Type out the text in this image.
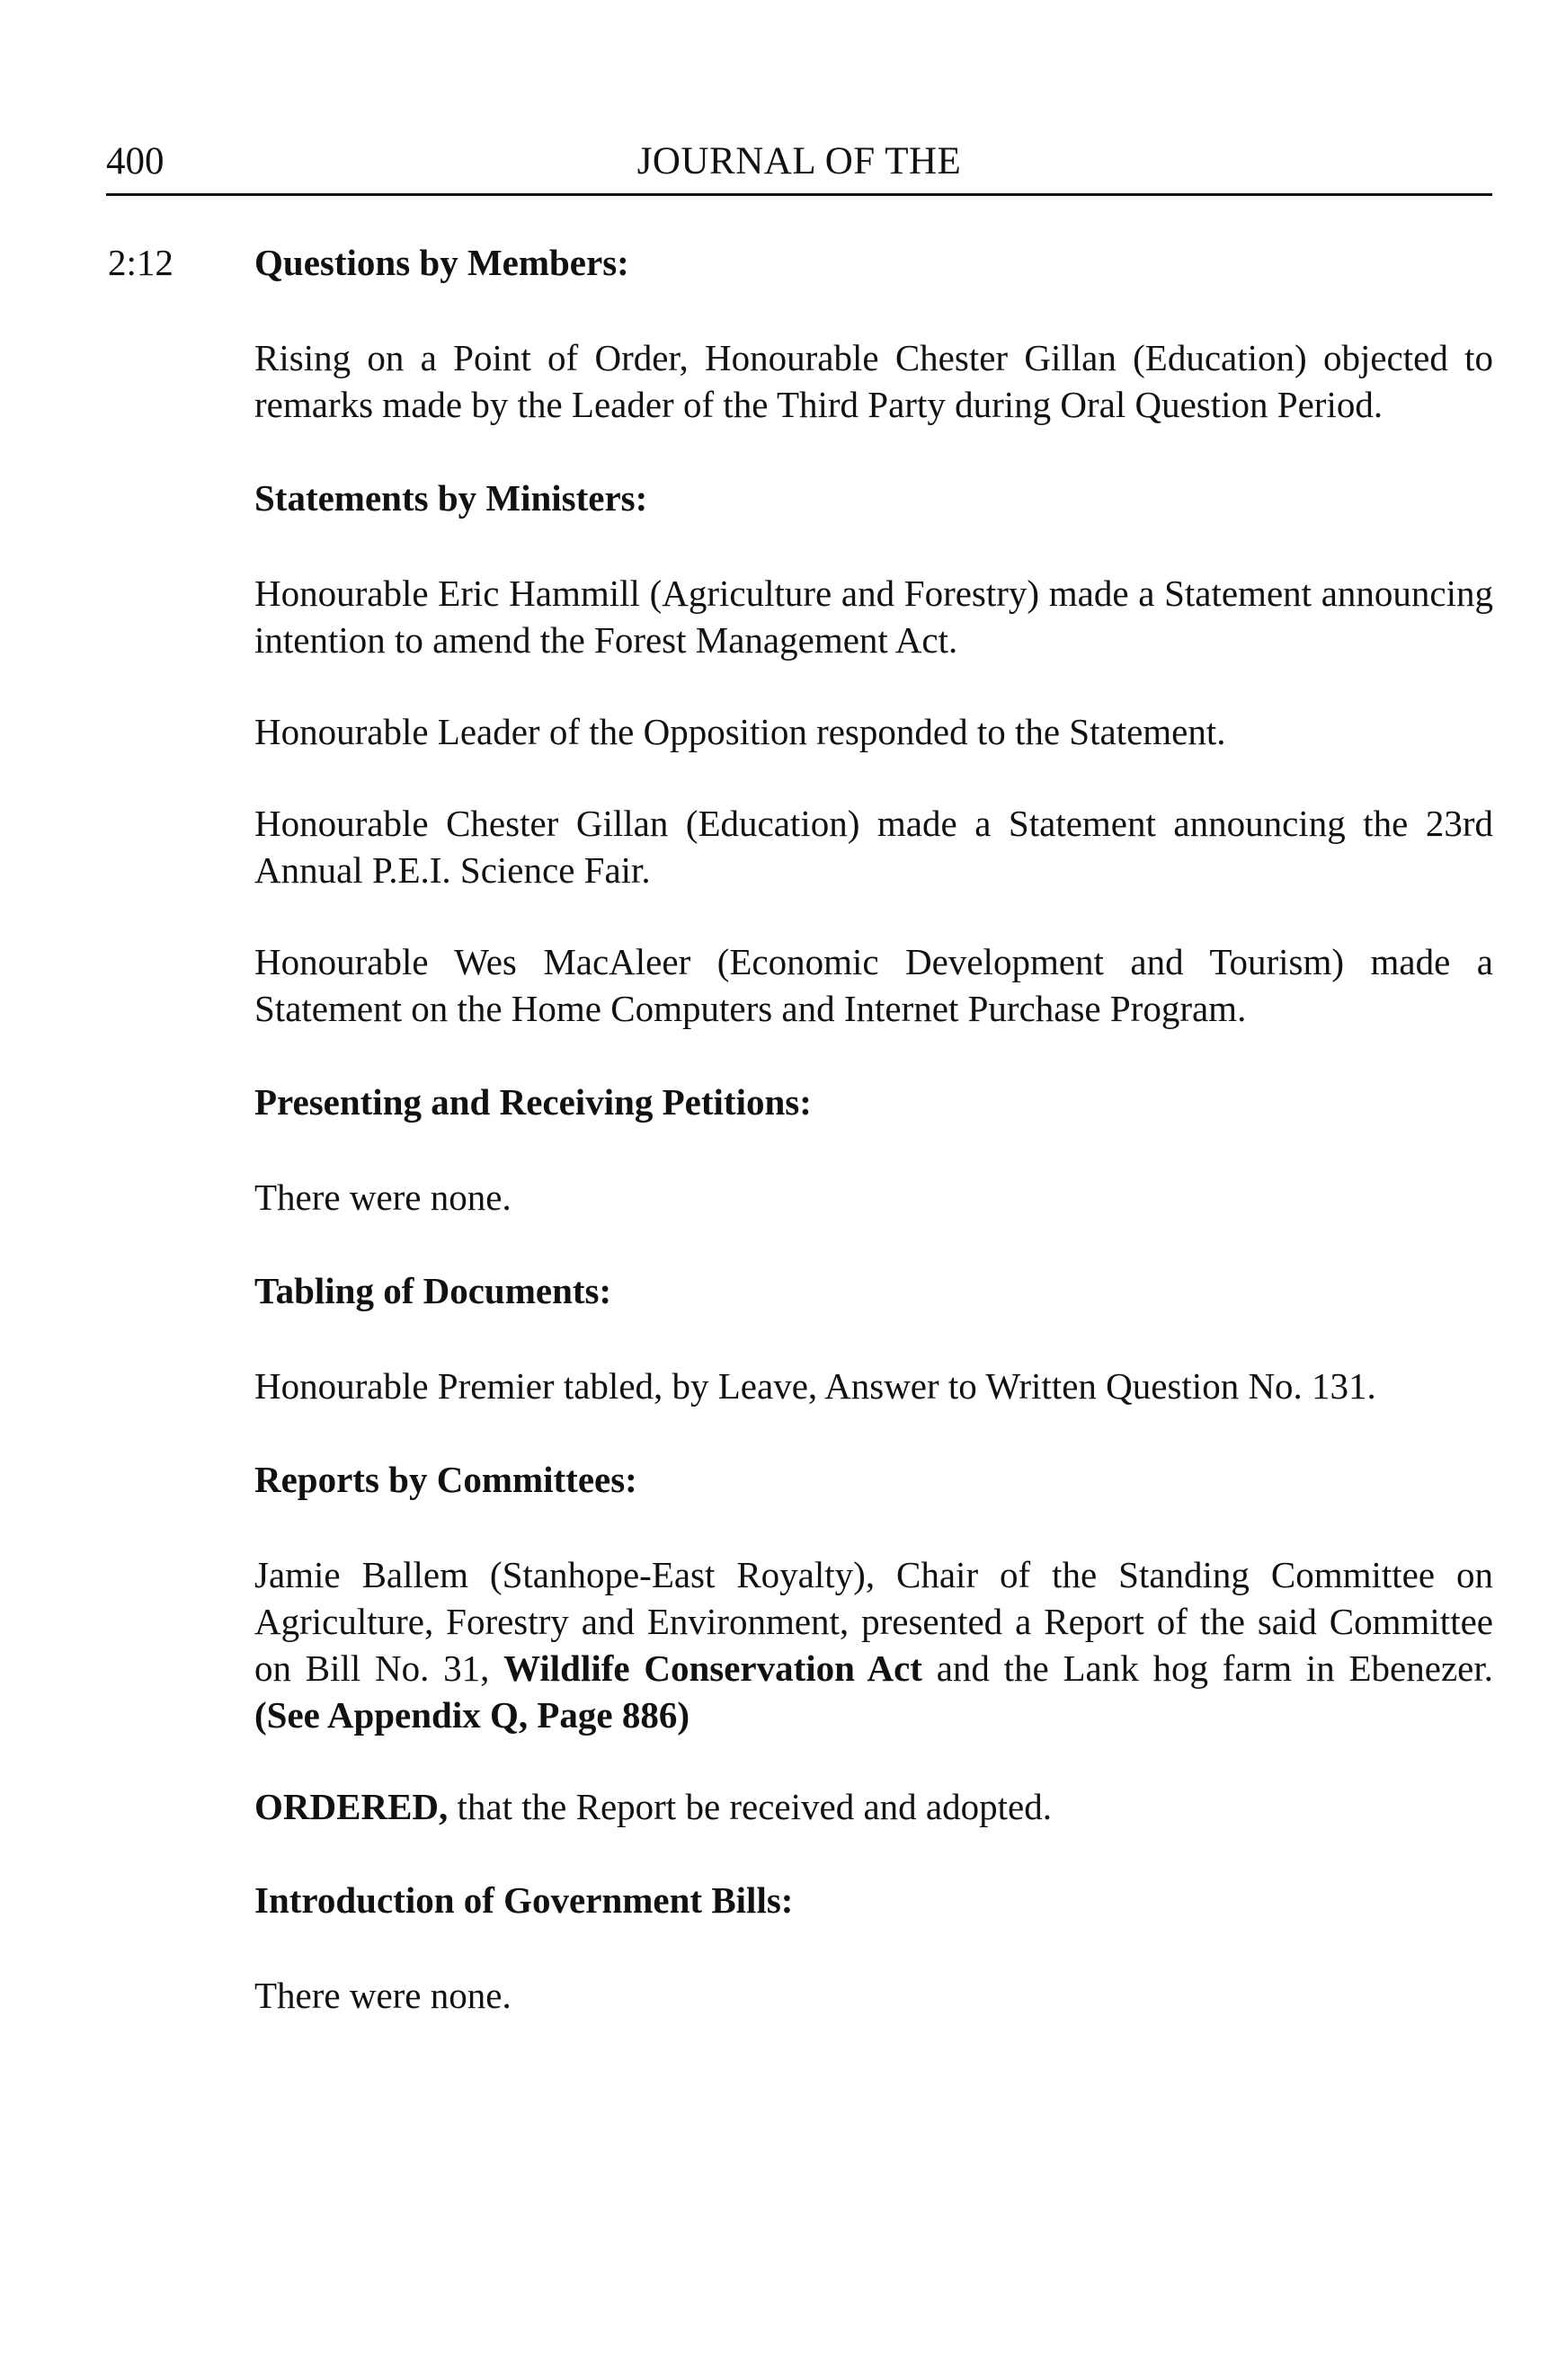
400	JOURNAL OF THE
2:12 Questions by Members:

Rising on a Point of Order, Honourable Chester Gillan (Education) objected to remarks made by the Leader of the Third Party during Oral Question Period.

Statements by Ministers:

Honourable Eric Hammill (Agriculture and Forestry) made a Statement announcing intention to amend the Forest Management Act.

Honourable Leader of the Opposition responded to the Statement.

Honourable Chester Gillan (Education) made a Statement announcing the 23rd Annual P.E.I. Science Fair.

Honourable Wes MacAleer (Economic Development and Tourism) made a Statement on the Home Computers and Internet Purchase Program.

Presenting and Receiving Petitions:

There were none.

Tabling of Documents:

Honourable Premier tabled, by Leave, Answer to Written Question No. 131.

Reports by Committees:

Jamie Ballem (Stanhope-East Royalty), Chair of the Standing Committee on Agriculture, Forestry and Environment, presented a Report of the said Committee on Bill No. 31, Wildlife Conservation Act and the Lank hog farm in Ebenezer. (See Appendix Q, Page 886)

ORDERED, that the Report be received and adopted.

Introduction of Government Bills:

There were none.
